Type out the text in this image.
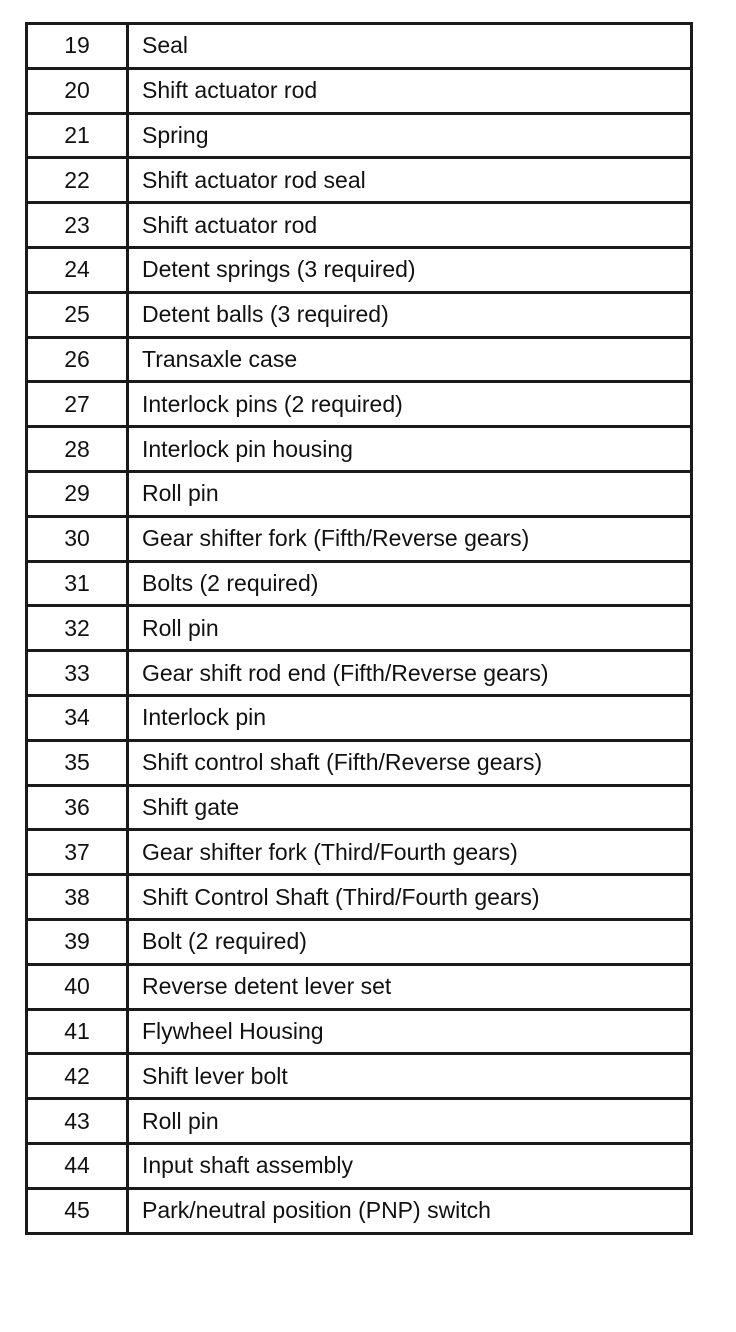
19	Seal
20	Shift actuator rod
21	Spring
22	Shift actuator rod seal
23	Shift actuator rod
24	Detent springs (3 required)
25	Detent balls (3 required)
26	Transaxle case
27	Interlock pins (2 required)
28	Interlock pin housing
29	Roll pin
30	Gear shifter fork (Fifth/Reverse gears)
31	Bolts (2 required)
32	Roll pin
33	Gear shift rod end (Fifth/Reverse gears)
34	Interlock pin
35	Shift control shaft (Fifth/Reverse gears)
36	Shift gate
37	Gear shifter fork (Third/Fourth gears)
38	Shift Control Shaft (Third/Fourth gears)
39	Bolt (2 required)
40	Reverse detent lever set
41	Flywheel Housing
42	Shift lever bolt
43	Roll pin
44	Input shaft assembly
45	Park/neutral position (PNP) switch
